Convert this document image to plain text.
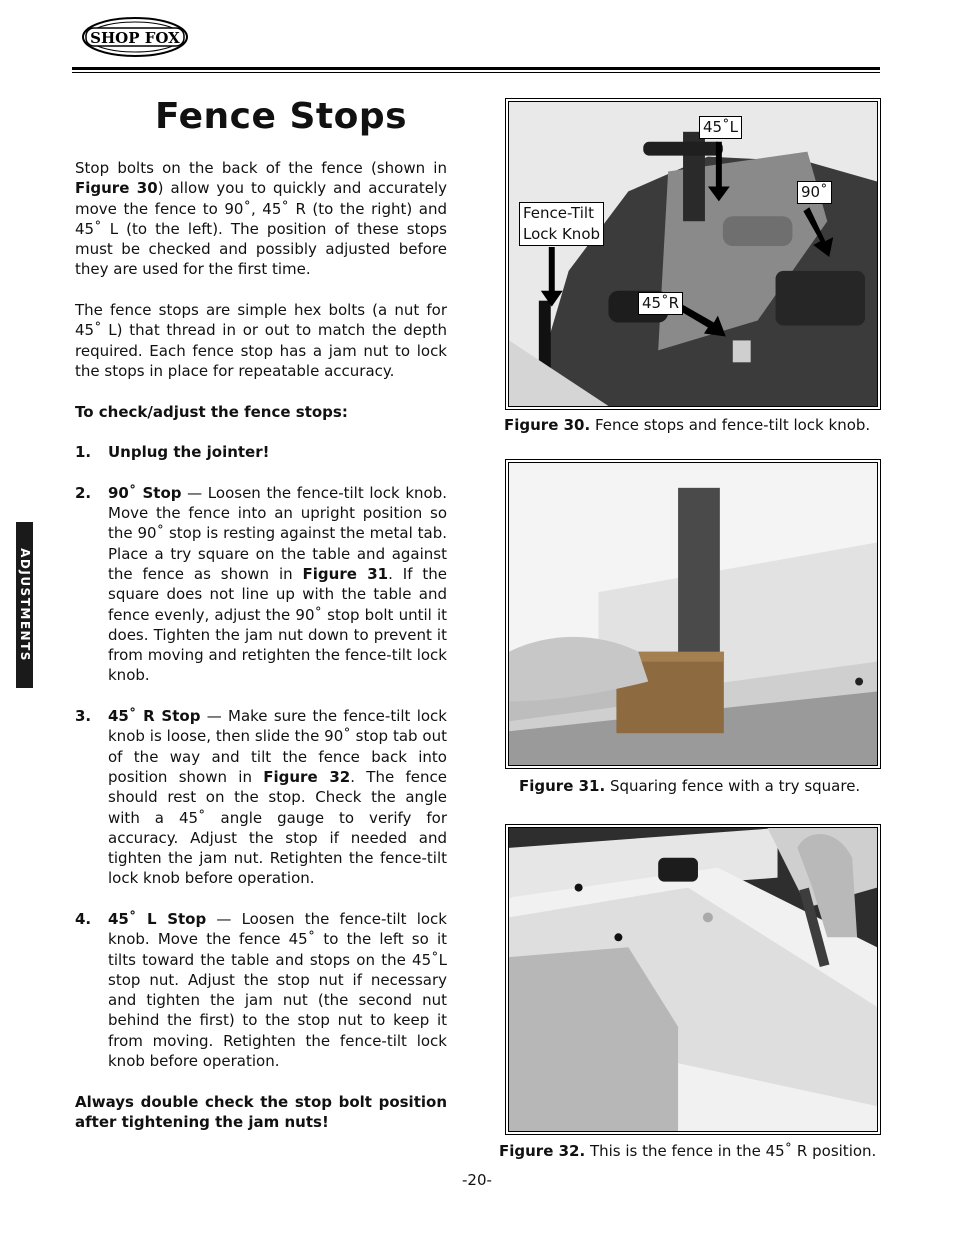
SHOP FOX
Fence Stops
ADJUSTMENTS

Stop bolts on the back of the fence (shown in Figure 30) allow you to quickly and accurately move the fence to 90˚, 45˚ R (to the right) and 45˚ L (to the left). The position of these stops must be checked and possibly adjusted before they are used for the first time.

The fence stops are simple hex bolts (a nut for 45˚ L) that thread in or out to match the depth required. Each fence stop has a jam nut to lock the stops in place for repeatable accuracy.

To check/adjust the fence stops:

1.	Unplug the jointer!
2.	90˚ Stop — Loosen the fence-tilt lock knob. Move the fence into an upright position so the 90˚ stop is resting against the metal tab. Place a try square on the table and against the fence as shown in Figure 31. If the square does not line up with the table and fence evenly, adjust the 90˚ stop bolt until it does. Tighten the jam nut down to prevent it from moving and retighten the fence-tilt lock knob.
3.	45˚ R Stop — Make sure the fence-tilt lock knob is loose, then slide the 90˚ stop tab out of the way and tilt the fence back into position shown in Figure 32. The fence should rest on the stop. Check the angle with a 45˚ angle gauge to verify for accuracy. Adjust the stop if needed and tighten the jam nut. Retighten the fence-tilt lock knob before operation.
4.	45˚ L Stop — Loosen the fence-tilt lock knob. Move the fence 45˚ to the left so it tilts toward the table and stops on the 45˚L stop nut. Adjust the stop nut if necessary and tighten the jam nut (the second nut behind the first) to the stop nut to keep it from moving. Retighten the fence-tilt lock knob before operation.

Always double check the stop bolt position after tightening the jam nuts!

45˚L
90˚
45˚R
Fence-Tilt
Lock Knob
Figure 30. Fence stops and fence-tilt lock knob.
Figure 31. Squaring fence with a try square.
Figure 32. This is the fence in the 45˚ R position.
-20-
